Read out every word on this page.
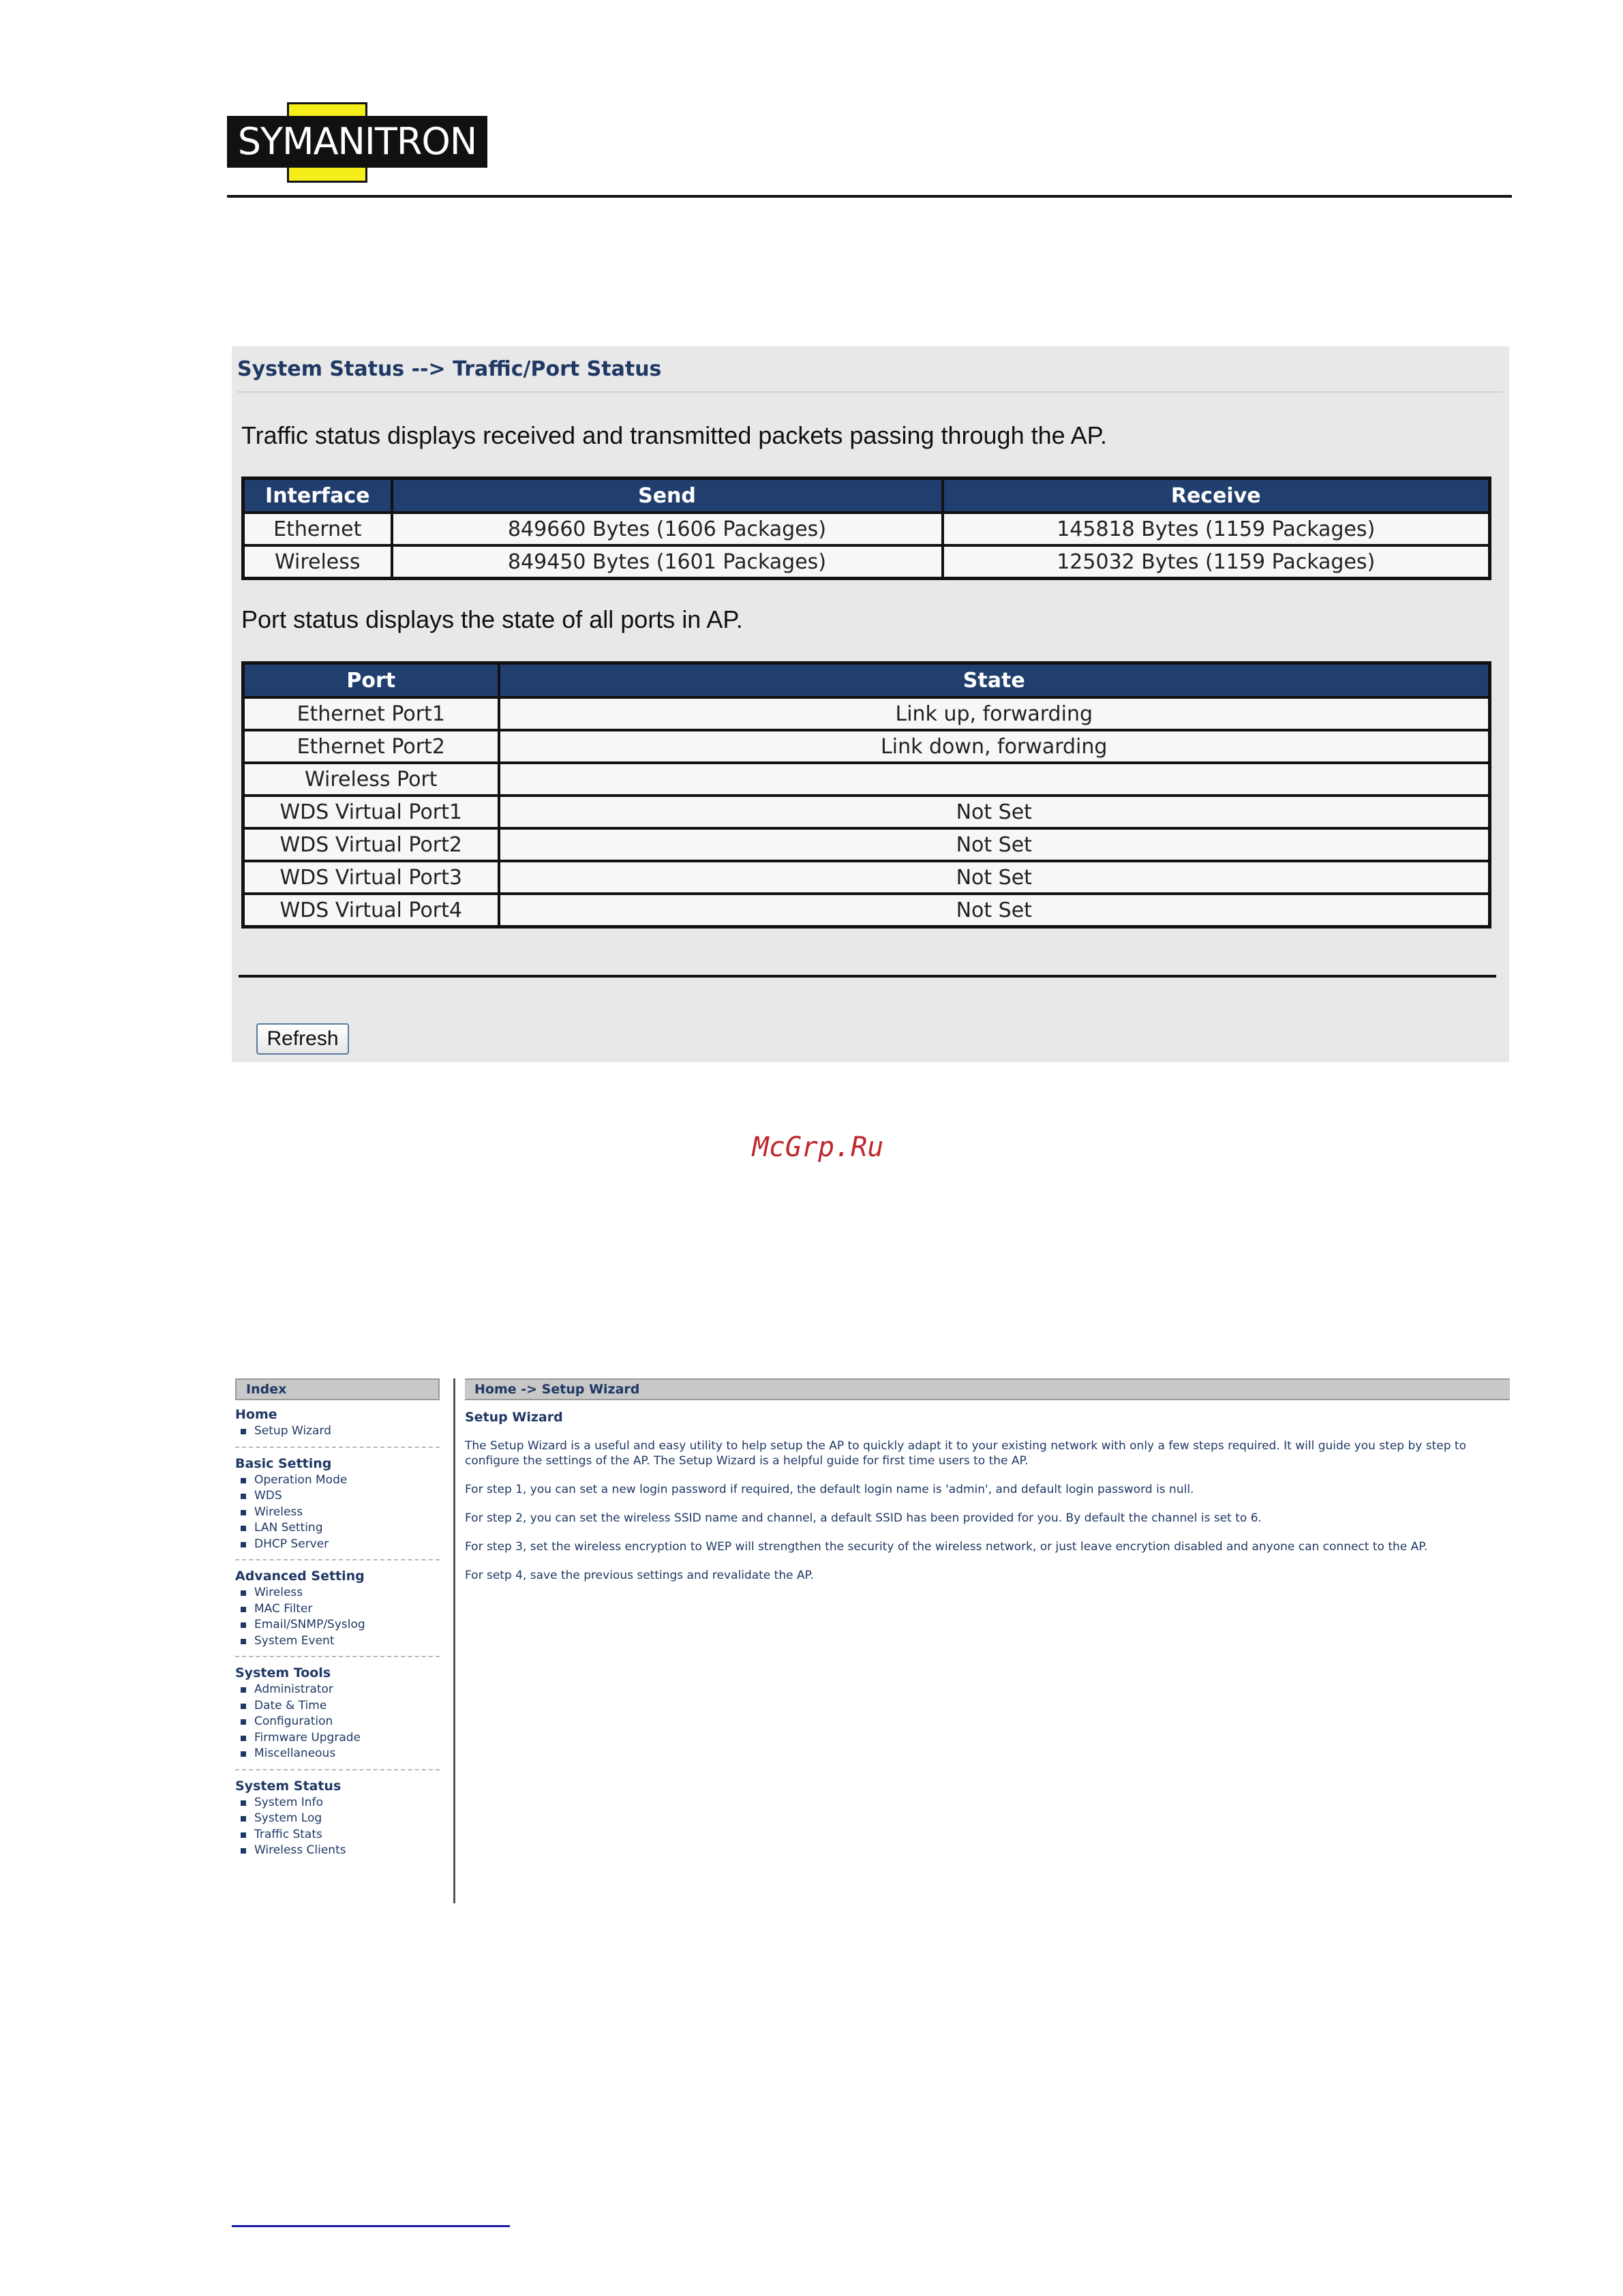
SYMANITRON
System Status --> Traffic/Port Status
Traffic status displays received and transmitted packets passing through the AP.
Interface	Send	Receive
Ethernet	849660 Bytes (1606 Packages)	145818 Bytes (1159 Packages)
Wireless	849450 Bytes (1601 Packages)	125032 Bytes (1159 Packages)
Port status displays the state of all ports in AP.
Port	State
Ethernet Port1	Link up, forwarding
Ethernet Port2	Link down, forwarding
Wireless Port	
WDS Virtual Port1	Not Set
WDS Virtual Port2	Not Set
WDS Virtual Port3	Not Set
WDS Virtual Port4	Not Set
Refresh
McGrp.Ru
Index
Home
Setup Wizard
Basic Setting
Operation Mode
WDS
Wireless
LAN Setting
DHCP Server
Advanced Setting
Wireless
MAC Filter
Email/SNMP/Syslog
System Event
System Tools
Administrator
Date & Time
Configuration
Firmware Upgrade
Miscellaneous
System Status
System Info
System Log
Traffic Stats
Wireless Clients
Home -> Setup Wizard
Setup Wizard

The Setup Wizard is a useful and easy utility to help setup the AP to quickly adapt it to your existing network with only a few steps required. It will guide you step by step to configure the settings of the AP. The Setup Wizard is a helpful guide for first time users to the AP.

For step 1, you can set a new login password if required, the default login name is 'admin', and default login password is null.

For step 2, you can set the wireless SSID name and channel, a default SSID has been provided for you. By default the channel is set to 6.

For step 3, set the wireless encryption to WEP will strengthen the security of the wireless network, or just leave encrytion disabled and anyone can connect to the AP.

For setp 4, save the previous settings and revalidate the AP.
